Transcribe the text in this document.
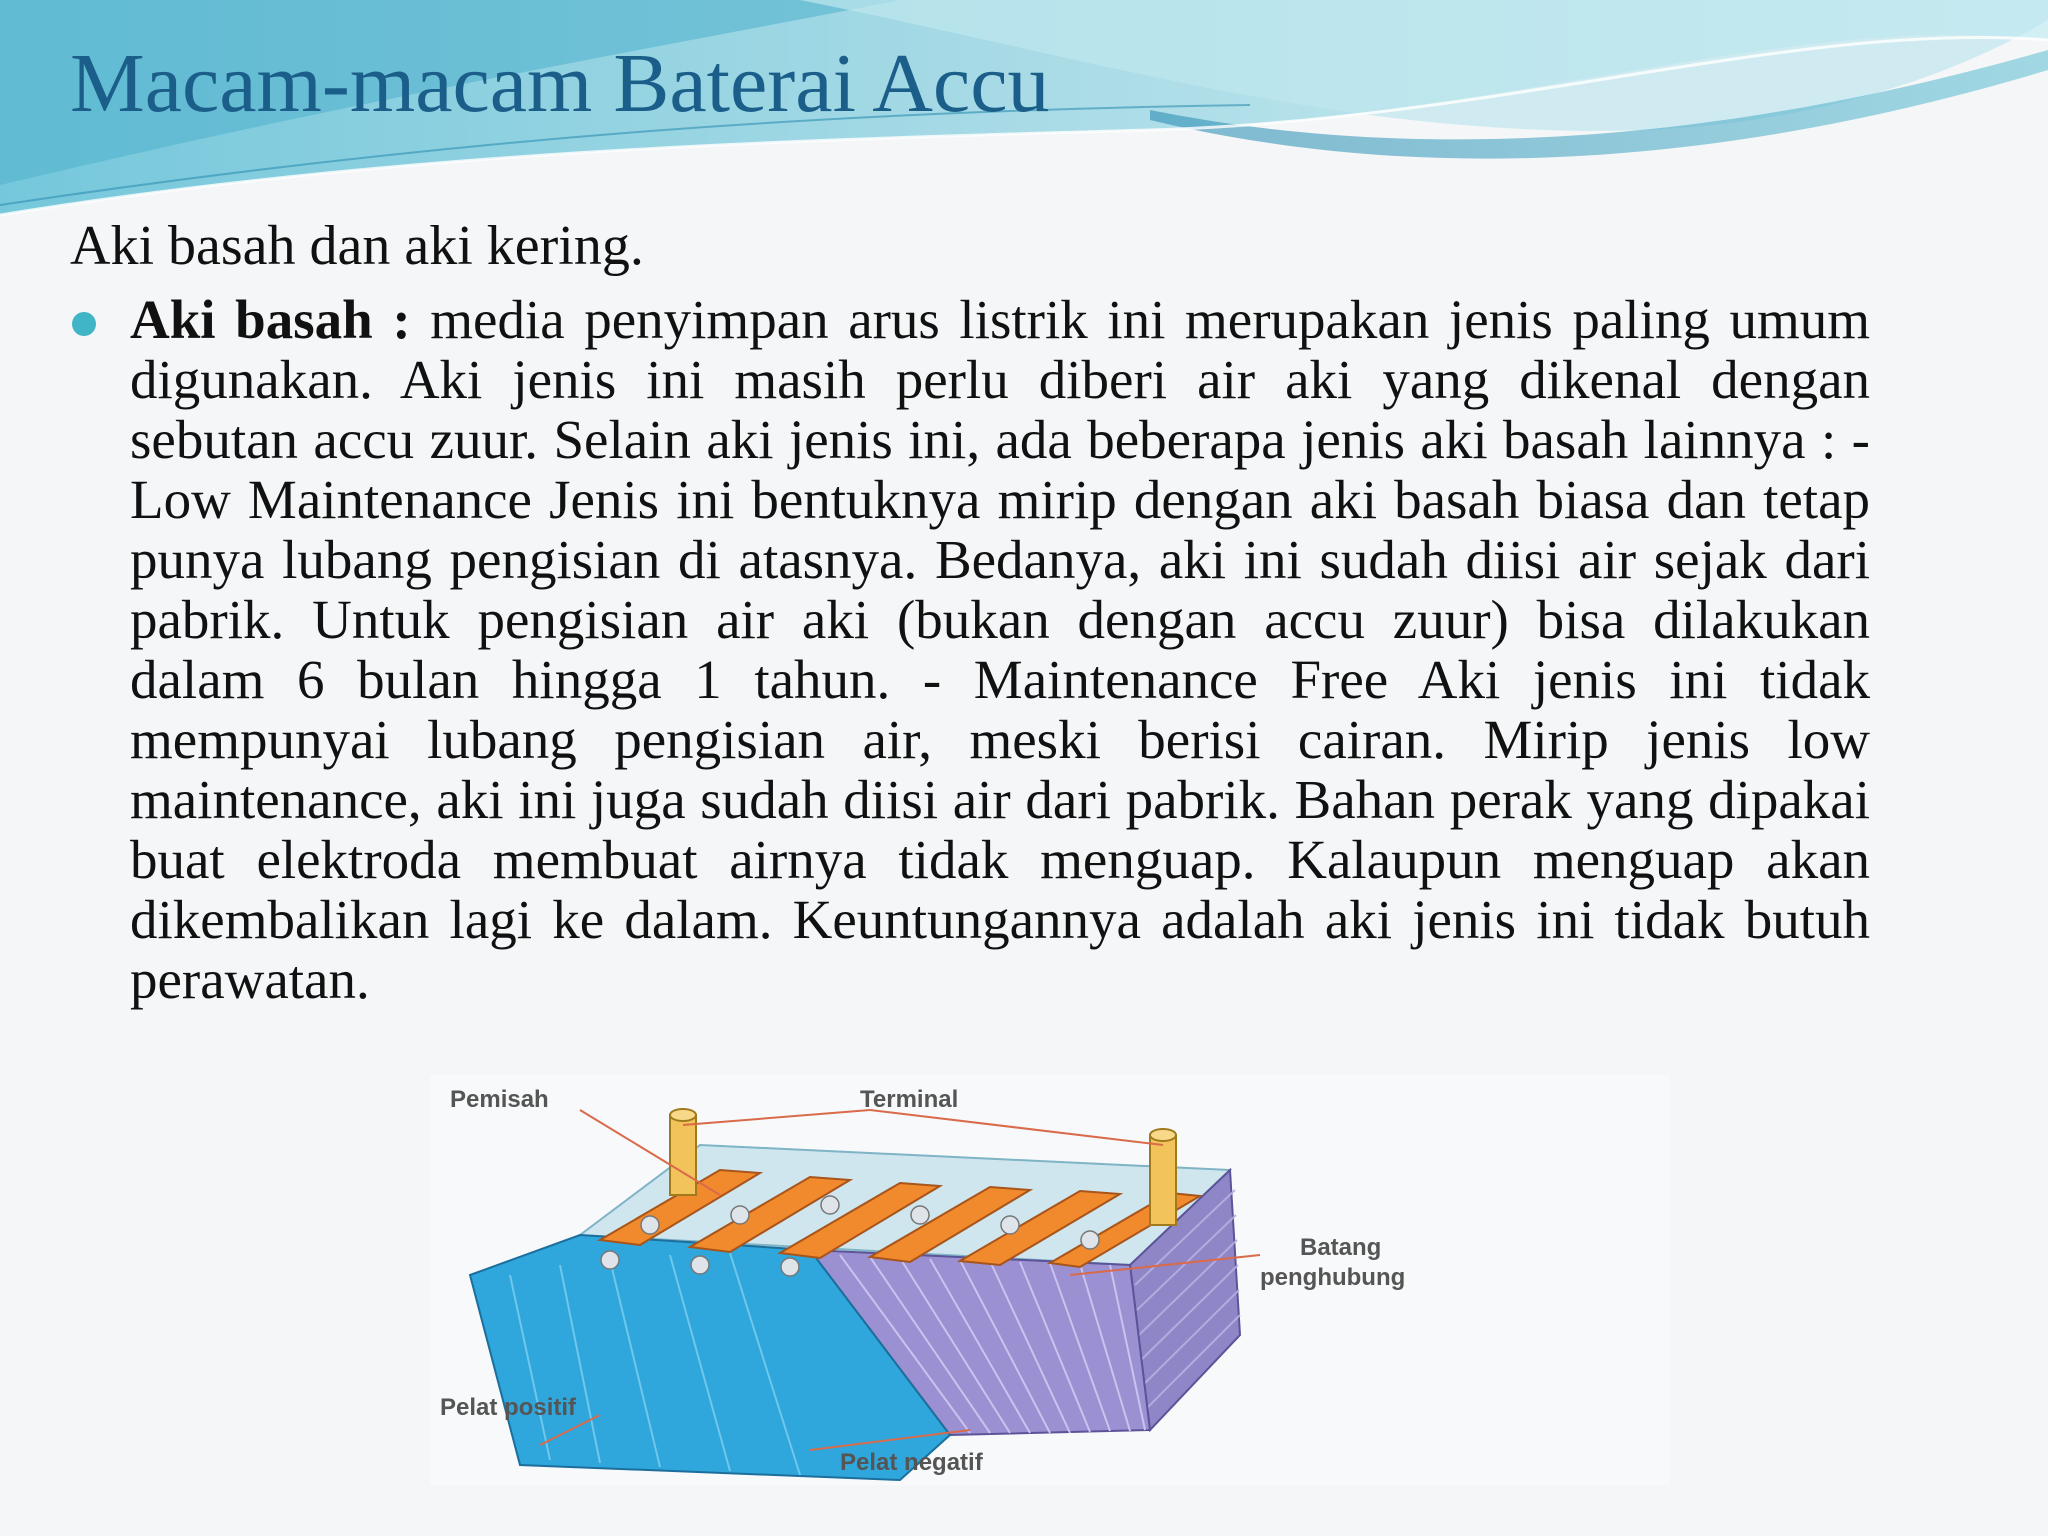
Macam-macam Baterai Accu

Aki basah dan aki kering.

Aki basah : media penyimpan arus listrik ini merupakan jenis paling umum digunakan. Aki jenis ini masih perlu diberi air aki yang dikenal dengan sebutan accu zuur. Selain aki jenis ini, ada beberapa jenis aki basah lainnya : - Low Maintenance Jenis ini bentuknya mirip dengan aki basah biasa dan tetap punya lubang pengisian di atasnya. Bedanya, aki ini sudah diisi air sejak dari pabrik. Untuk pengisian air aki (bukan dengan accu zuur) bisa dilakukan dalam 6 bulan hingga 1 tahun. - Maintenance Free Aki jenis ini tidak mempunyai lubang pengisian air, meski berisi cairan. Mirip jenis low maintenance, aki ini juga sudah diisi air dari pabrik. Bahan perak yang dipakai buat elektroda membuat airnya tidak menguap. Kalaupun menguap akan dikembalikan lagi ke dalam. Keuntungannya adalah aki jenis ini tidak butuh perawatan.

Pemisah	Terminal
Batang
penghubung
Pelat positif
Pelat negatif
